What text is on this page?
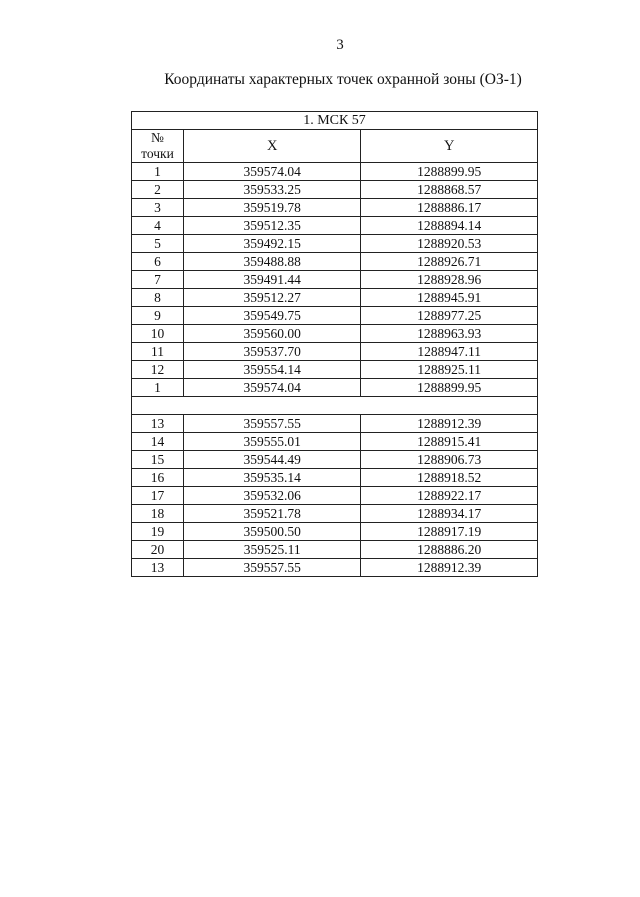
3
Координаты характерных точек охранной зоны (ОЗ-1)
1. МСК 57		

№
точки	X	Y
1	359574.04	1288899.95
2	359533.25	1288868.57
3	359519.78	1288886.17
4	359512.35	1288894.14
5	359492.15	1288920.53
6	359488.88	1288926.71
7	359491.44	1288928.96
8	359512.27	1288945.91
9	359549.75	1288977.25
10	359560.00	1288963.93
11	359537.70	1288947.11
12	359554.14	1288925.11
1	359574.04	1288899.95

13	359557.55	1288912.39
14	359555.01	1288915.41
15	359544.49	1288906.73
16	359535.14	1288918.52
17	359532.06	1288922.17
18	359521.78	1288934.17
19	359500.50	1288917.19
20	359525.11	1288886.20
13	359557.55	1288912.39
